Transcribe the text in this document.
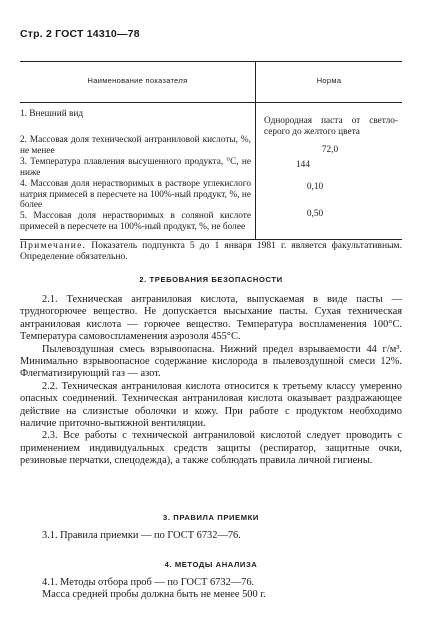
Стр. 2 ГОСТ 14310—78
Наименование показателя	Норма
1. Внешний вид
Однородная паста от светло-серого до желтого цвета
2. Массовая доля технической антраниловой кислоты, %, не менее	72,0
3. Температура плавления высушенного продукта, °С, не ниже
144
4. Массовая доля нерастворимых в растворе углекислого натрия примесей в пересчете на 100%-ный продукт, %, не более
0,10
5. Массовая доля нерастворимых в соляной кислоте примесей в пересчете на 100%-ный продукт, %, не более
0,50
Примечание. Показатель подпункта 5 до 1 января 1981 г. является факультативным. Определение обязательно.
2. ТРЕБОВАНИЯ БЕЗОПАСНОСТИ

2.1. Техническая антраниловая кислота, выпускаемая в виде пасты — трудногорючее вещество. Не допускается высыхание пасты. Сухая техническая антраниловая кислота — горючее вещество. Температура воспламенения 100°С. Температура самовоспламенения аэрозоля 455°С.

Пылевоздушная смесь взрывоопасна. Нижний предел взрываемости 44 г/м³. Минимально взрывоопасное содержание кислорода в пылевоздушной смеси 12%. Флегматизирующий газ — азот.

2.2. Техническая антраниловая кислота относится к третьему классу умеренно опасных соединений. Техническая антраниловая кислота оказывает раздражающее действие на слизистые оболочки и кожу. При работе с продуктом необходимо наличие приточно-вытяжной вентиляции.

2.3. Все работы с технической антраниловой кислотой следует проводить с применением индивидуальных средств защиты (респиратор, защитные очки, резиновые перчатки, спецодежда), а также соблюдать правила личной гигиены.

3. ПРАВИЛА ПРИЕМКИ

3.1. Правила приемки — по ГОСТ 6732—76.

4. МЕТОДЫ АНАЛИЗА

4.1. Методы отбора проб — по ГОСТ 6732—76.

Масса средней пробы должна быть не менее 500 г.
